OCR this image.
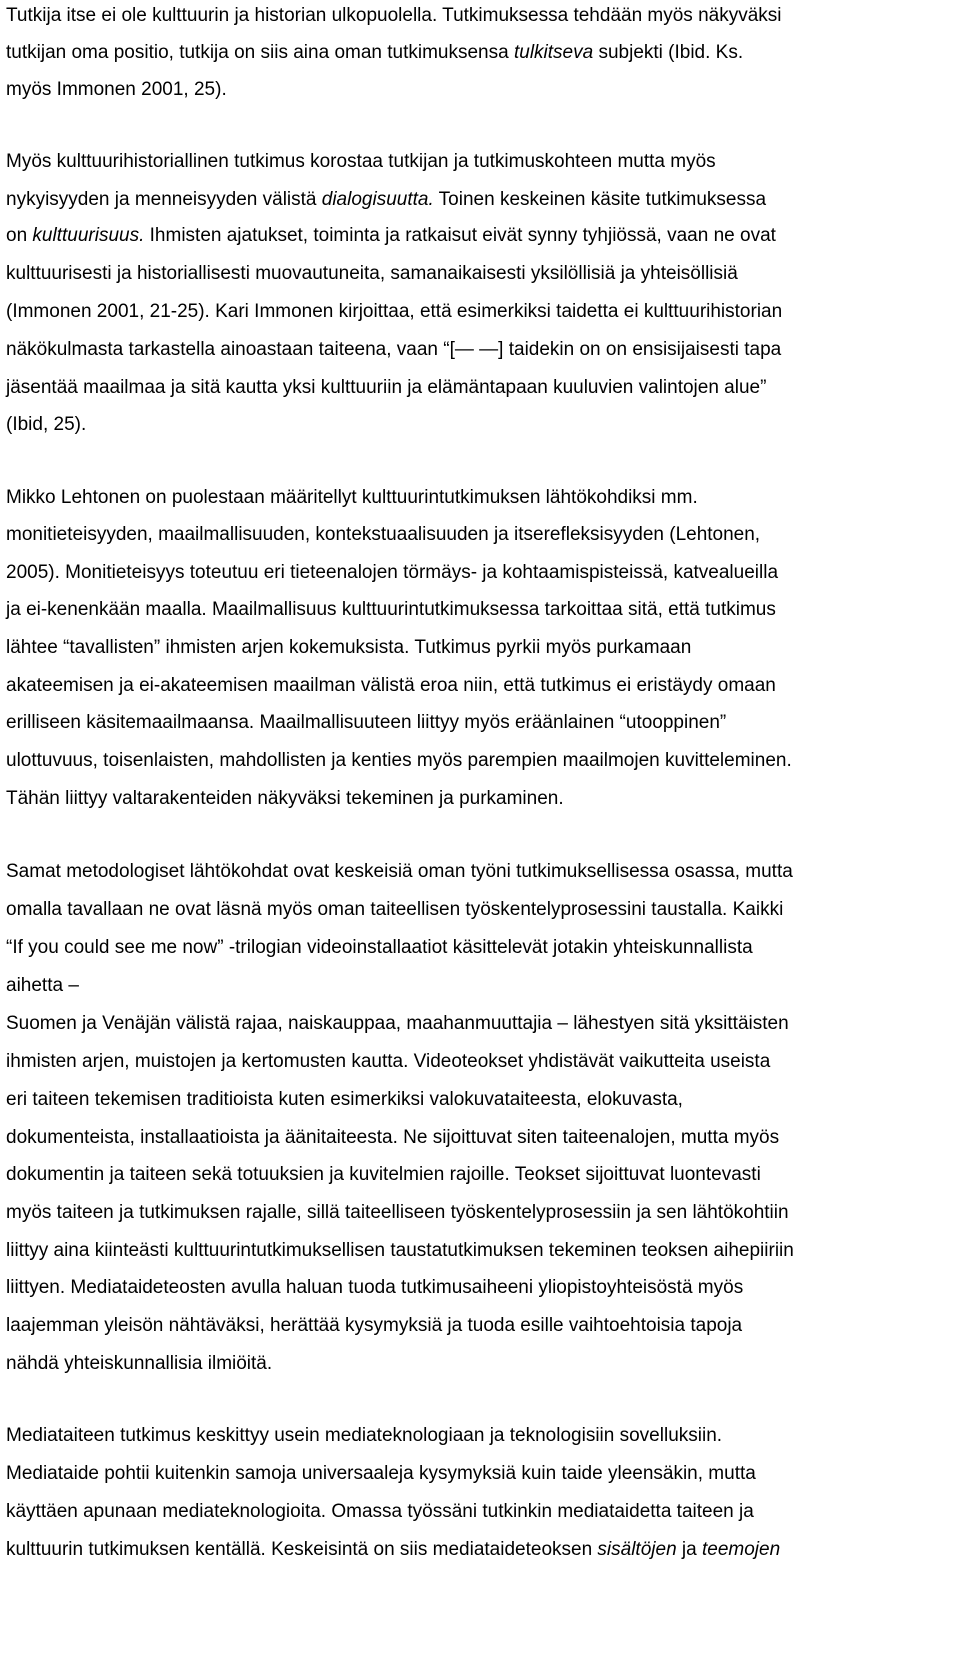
Tutkija itse ei ole kulttuurin ja historian ulkopuolella. Tutkimuksessa tehdään myös näkyväksi
tutkijan oma positio, tutkija on siis aina oman tutkimuksensa tulkitseva subjekti (Ibid. Ks.
myös Immonen 2001, 25).
Myös kulttuurihistoriallinen tutkimus korostaa tutkijan ja tutkimuskohteen mutta myös
nykyisyyden ja menneisyyden välistä dialogisuutta. Toinen keskeinen käsite tutkimuksessa
on kulttuurisuus. Ihmisten ajatukset, toiminta ja ratkaisut eivät synny tyhjiössä, vaan ne ovat
kulttuurisesti ja historiallisesti muovautuneita, samanaikaisesti yksilöllisiä ja yhteisöllisiä
(Immonen 2001, 21-25). Kari Immonen kirjoittaa, että esimerkiksi taidetta ei kulttuurihistorian
näkökulmasta tarkastella ainoastaan taiteena, vaan “[— —] taidekin on on ensisijaisesti tapa
jäsentää maailmaa ja sitä kautta yksi kulttuuriin ja elämäntapaan kuuluvien valintojen alue”
(Ibid, 25).
Mikko Lehtonen on puolestaan määritellyt kulttuurintutkimuksen lähtökohdiksi mm.
monitieteisyyden, maailmallisuuden, kontekstuaalisuuden ja itserefleksisyyden (Lehtonen,
2005). Monitieteisyys toteutuu eri tieteenalojen törmäys- ja kohtaamispisteissä, katvealueilla
ja ei-kenenkään maalla. Maailmallisuus kulttuurintutkimuksessa tarkoittaa sitä, että tutkimus
lähtee “tavallisten” ihmisten arjen kokemuksista. Tutkimus pyrkii myös purkamaan
akateemisen ja ei-akateemisen maailman välistä eroa niin, että tutkimus ei eristäydy omaan
erilliseen käsitemaailmaansa. Maailmallisuuteen liittyy myös eräänlainen “utooppinen”
ulottuvuus, toisenlaisten, mahdollisten ja kenties myös parempien maailmojen kuvitteleminen.
Tähän liittyy valtarakenteiden näkyväksi tekeminen ja purkaminen.
Samat metodologiset lähtökohdat ovat keskeisiä oman työni tutkimuksellisessa osassa, mutta
omalla tavallaan ne ovat läsnä myös oman taiteellisen työskentelyprosessini taustalla. Kaikki
“If you could see me now” -trilogian videoinstallaatiot käsittelevät jotakin yhteiskunnallista
aihetta –
Suomen ja Venäjän välistä rajaa, naiskauppaa, maahanmuuttajia – lähestyen sitä yksittäisten
ihmisten arjen, muistojen ja kertomusten kautta. Videoteokset yhdistävät vaikutteita useista
eri taiteen tekemisen traditioista kuten esimerkiksi valokuvataiteesta, elokuvasta,
dokumenteista, installaatioista ja äänitaiteesta. Ne sijoittuvat siten taiteenalojen, mutta myös
dokumentin ja taiteen sekä totuuksien ja kuvitelmien rajoille. Teokset sijoittuvat luontevasti
myös taiteen ja tutkimuksen rajalle, sillä taiteelliseen työskentelyprosessiin ja sen lähtökohtiin
liittyy aina kiinteästi kulttuurintutkimuksellisen taustatutkimuksen tekeminen teoksen aihepiiriin
liittyen. Mediataideteosten avulla haluan tuoda tutkimusaiheeni yliopistoyhteisöstä myös
laajemman yleisön nähtäväksi, herättää kysymyksiä ja tuoda esille vaihtoehtoisia tapoja
nähdä yhteiskunnallisia ilmiöitä.
Mediataiteen tutkimus keskittyy usein mediateknologiaan ja teknologisiin sovelluksiin.
Mediataide pohtii kuitenkin samoja universaaleja kysymyksiä kuin taide yleensäkin, mutta
käyttäen apunaan mediateknologioita. Omassa työssäni tutkinkin mediataidetta taiteen ja
kulttuurin tutkimuksen kentällä. Keskeisintä on siis mediataideteoksen sisältöjen ja teemojen
